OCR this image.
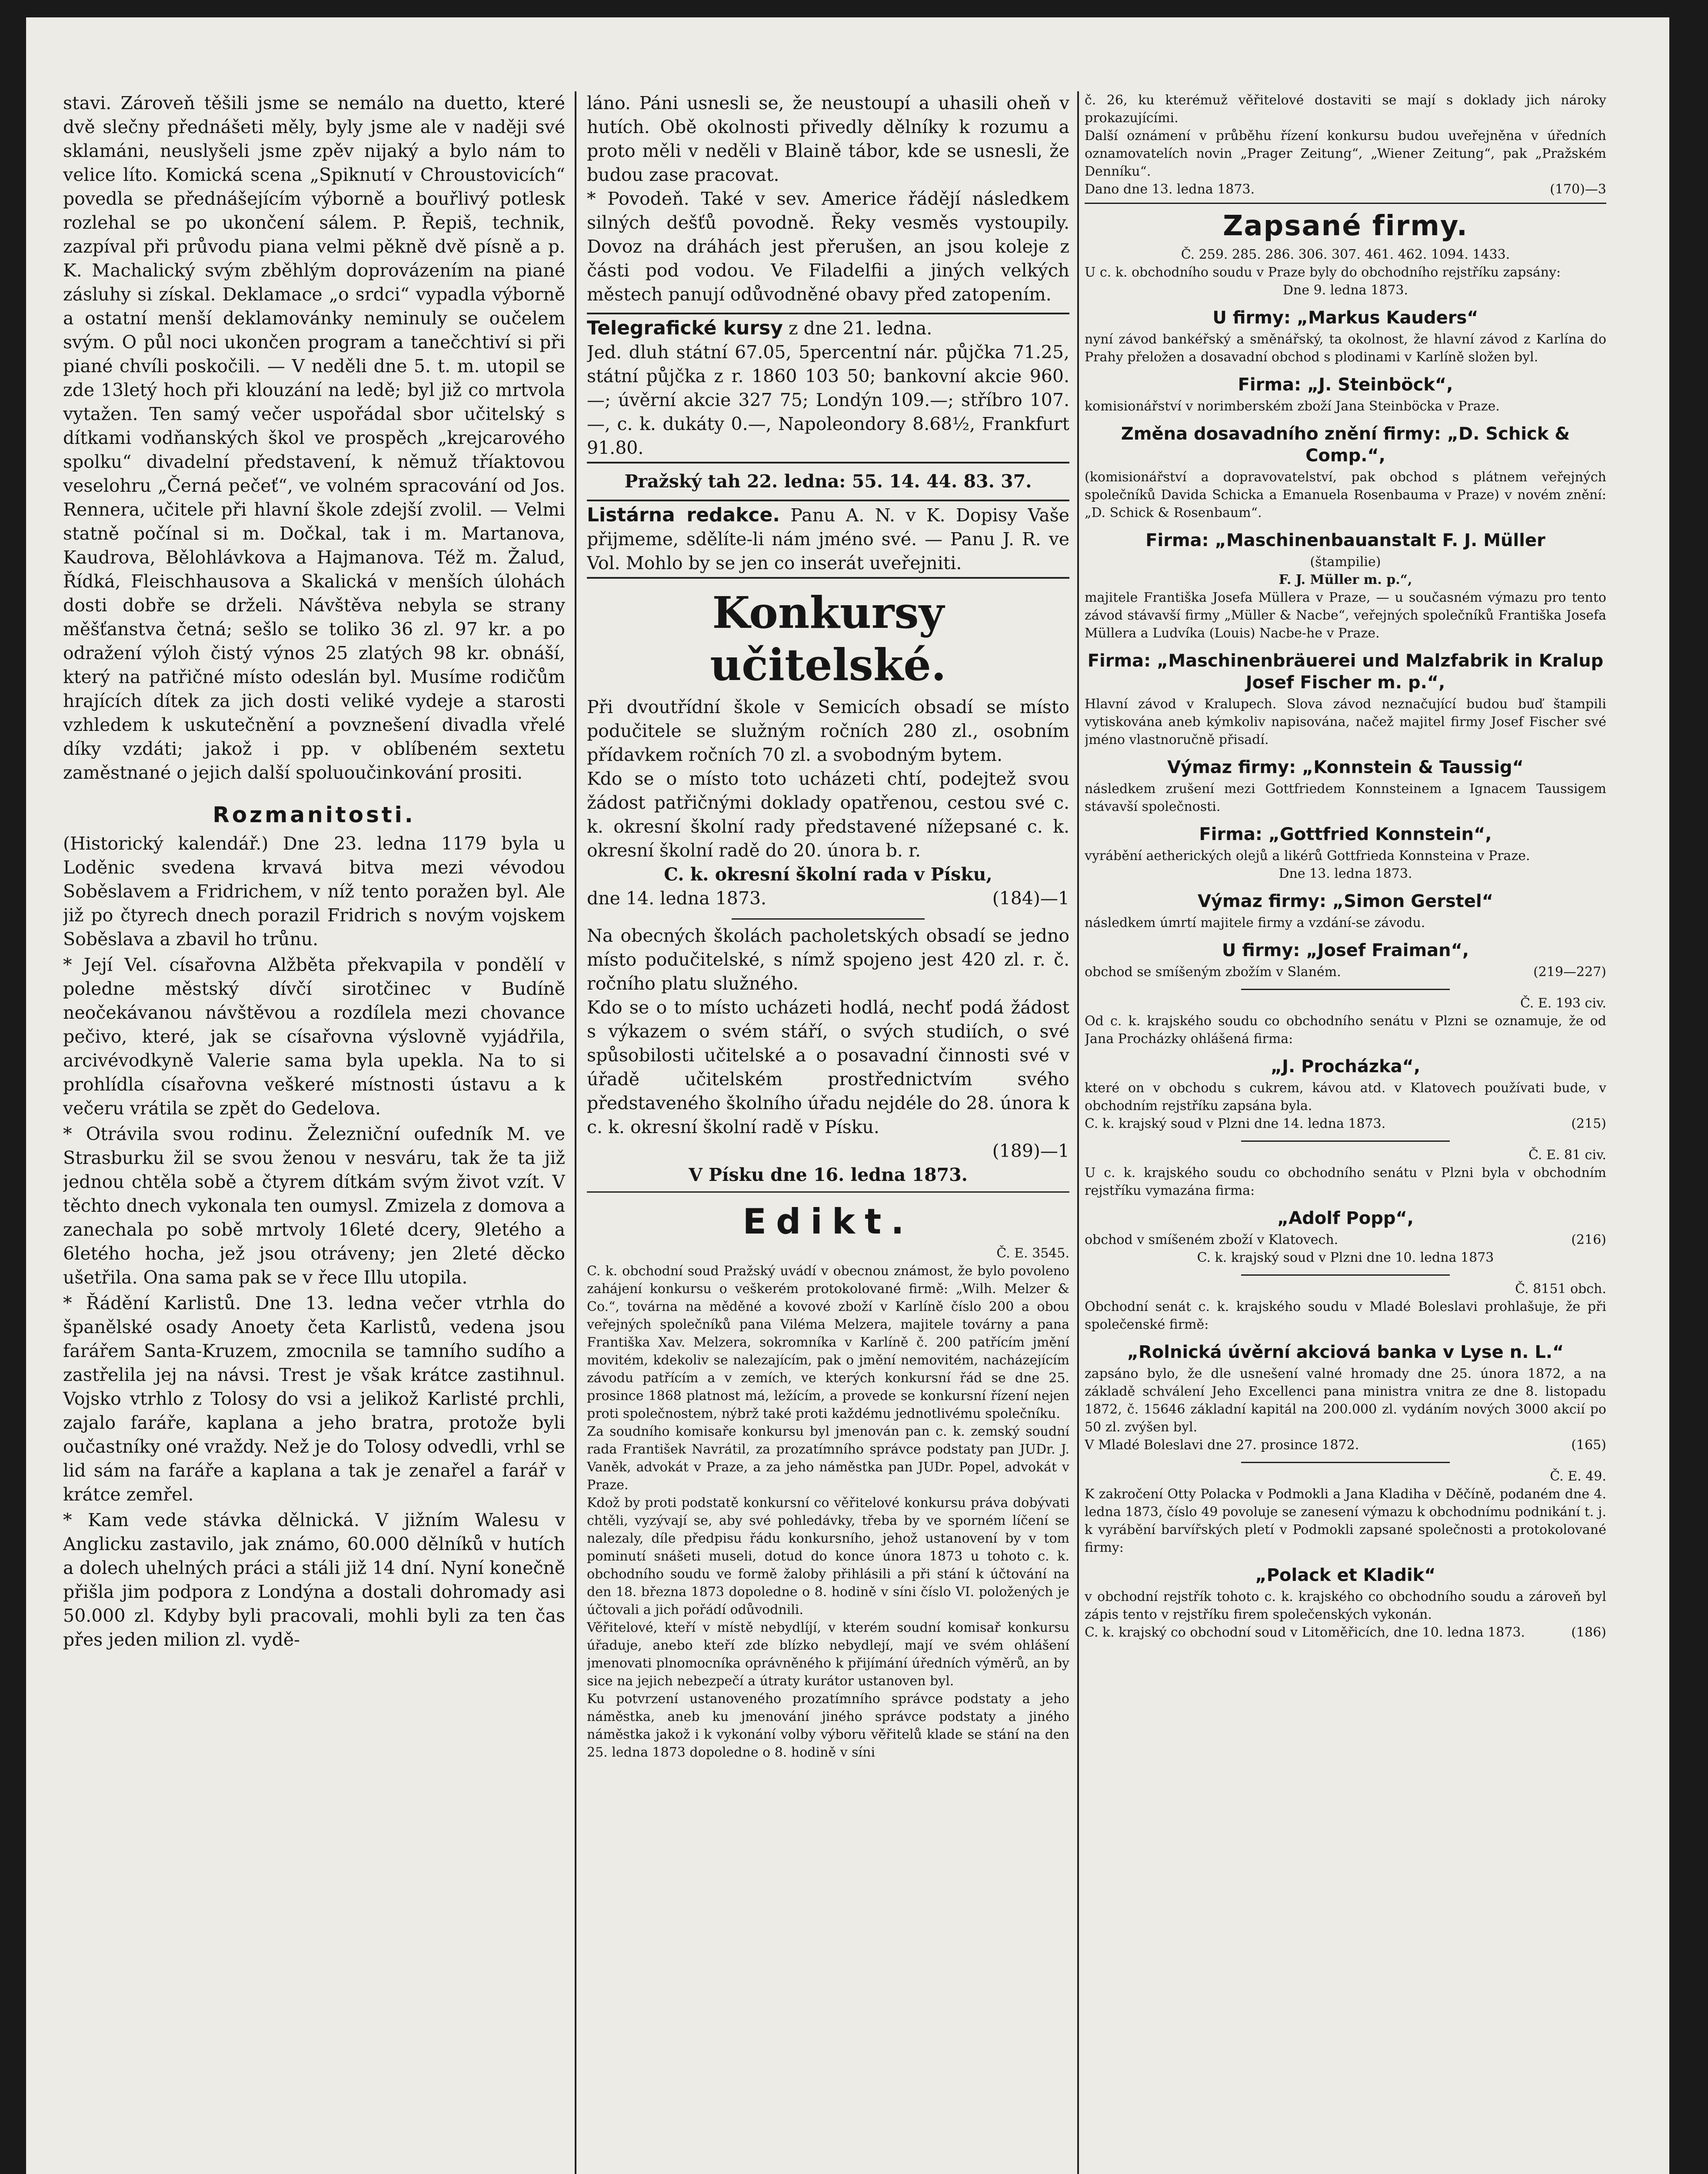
stavi. Zároveň těšili jsme se nemálo na duetto, které dvě slečny přednášeti měly, byly jsme ale v naději své sklamáni, neuslyšeli jsme zpěv nijaký a bylo nám to velice líto. Komická scena „Spiknutí v Chroustovicích“ povedla se přednášejícím výborně a bouřlivý potlesk rozlehal se po ukončení sálem. P. Řepiš, technik, zazpíval při průvodu piana velmi pěkně dvě písně a p. K. Machalický svým zběhlým doprovázením na piané zásluhy si získal. Deklamace „o srdci“ vypadla výborně a ostatní menší deklamovánky neminuly se oučelem svým. O půl noci ukončen program a tanečchtiví si při piané chvíli poskočili. — V neděli dne 5. t. m. utopil se zde 13letý hoch při klouzání na ledě; byl již co mrtvola vytažen. Ten samý večer uspořádal sbor učitelský s dítkami vodňanských škol ve prospěch „krejcarového spolku“ divadelní představení, k němuž tříaktovou veselohru „Černá pečeť“, ve volném spracování od Jos. Rennera, učitele při hlavní škole zdejší zvolil. — Velmi statně počínal si m. Dočkal, tak i m. Martanova, Kaudrova, Bělohlávkova a Hajmanova. Též m. Žalud, Řídká, Fleischhausova a Skalická v menších úlohách dosti dobře se drželi. Návštěva nebyla se strany měšťanstva četná; sešlo se toliko 36 zl. 97 kr. a po odražení výloh čistý výnos 25 zlatých 98 kr. obnáší, který na patřičné místo odeslán byl. Musíme rodičům hrajících dítek za jich dosti veliké vydeje a starosti vzhledem k uskutečnění a povznešení divadla vřelé díky vzdáti; jakož i pp. v oblíbeném sextetu zaměstnané o jejich další spoluoučinkování prositi.

Rozmanitosti.

(Historický kalendář.) Dne 23. ledna 1179 byla u Loděnic svedena krvavá bitva mezi vévodou Soběslavem a Fridrichem, v níž tento poražen byl. Ale již po čtyrech dnech porazil Fridrich s novým vojskem Soběslava a zbavil ho trůnu.

* Její Vel. císařovna Alžběta překvapila v pondělí v poledne městský dívčí sirotčinec v Budíně neočekávanou návštěvou a rozdílela mezi chovance pečivo, které, jak se císařovna výslovně vyjádřila, arcivévodkyně Valerie sama byla upekla. Na to si prohlídla císařovna veškeré místnosti ústavu a k večeru vrátila se zpět do Gedelova.

* Otrávila svou rodinu. Železniční oufedník M. ve Strasburku žil se svou ženou v nesváru, tak že ta již jednou chtěla sobě a čtyrem dítkám svým život vzít. V těchto dnech vykonala ten oumysl. Zmizela z domova a zanechala po sobě mrtvoly 16leté dcery, 9letého a 6letého hocha, jež jsou otráveny; jen 2leté děcko ušetřila. Ona sama pak se v řece Illu utopila.

* Řádění Karlistů. Dne 13. ledna večer vtrhla do španělské osady Anoety četa Karlistů, vedena jsou farářem Santa-Kruzem, zmocnila se tamního sudího a zastřelila jej na návsi. Trest je však krátce zastihnul. Vojsko vtrhlo z Tolosy do vsi a jelikož Karlisté prchli, zajalo faráře, kaplana a jeho bratra, protože byli oučastníky oné vraždy. Než je do Tolosy odvedli, vrhl se lid sám na faráře a kaplana a tak je zenařel a farář v krátce zemřel.

* Kam vede stávka dělnická. V jižním Walesu v Anglicku zastavilo, jak známo, 60.000 dělníků v hutích a dolech uhelných práci a stáli již 14 dní. Nyní konečně přišla jim podpora z Londýna a dostali dohromady asi 50.000 zl. Kdyby byli pracovali, mohli byli za ten čas přes jeden milion zl. vydě-

láno. Páni usnesli se, že neustoupí a uhasili oheň v hutích. Obě okolnosti přivedly dělníky k rozumu a proto měli v neděli v Blaině tábor, kde se usnesli, že budou zase pracovat.

* Povodeň. Také v sev. Americe řádějí následkem silných dešťů povodně. Řeky vesměs vystoupily. Dovoz na dráhách jest přerušen, an jsou koleje z části pod vodou. Ve Filadelfii a jiných velkých městech panují odůvodněné obavy před zatopením.

Telegrafické kursy z dne 21. ledna.

Jed. dluh státní 67.05, 5percentní nár. půjčka 71.25, státní půjčka z r. 1860 103 50; bankovní akcie 960.—; úvěrní akcie 327 75; Londýn 109.—; stříbro 107.—, c. k. dukáty 0.—, Napoleondory 8.68½, Frankfurt 91.80.

Pražský tah 22. ledna: 55. 14. 44. 83. 37.

Listárna redakce. Panu A. N. v K. Dopisy Vaše přijmeme, sdělíte-li nám jméno své. — Panu J. R. ve Vol. Mohlo by se jen co inserát uveřejniti.

Konkursy učitelské.

Při dvoutřídní škole v Semicích obsadí se místo podučitele se služným ročních 280 zl., osobním přídavkem ročních 70 zl. a svobodným bytem.

Kdo se o místo toto ucházeti chtí, podejtež svou žádost patřičnými doklady opatřenou, cestou své c. k. okresní školní rady představené nížepsané c. k. okresní školní radě do 20. února b. r.

C. k. okresní školní rada v Písku,

dne 14. ledna 1873.	(184)—1

Na obecných školách pacholetských obsadí se jedno místo podučitelské, s nímž spojeno jest 420 zl. r. č. ročního platu služného.

Kdo se o to místo ucházeti hodlá, nechť podá žádost s výkazem o svém stáří, o svých studiích, o své spůsobilosti učitelské a o posavadní činnosti své v úřadě učitelském prostřednictvím svého představeného školního úřadu nejdéle do 28. února k c. k. okresní školní radě v Písku.

(189)—1

V Písku dne 16. ledna 1873.

Edikt.

Č. E. 3545.

C. k. obchodní soud Pražský uvádí v obecnou známost, že bylo povoleno zahájení konkursu o veškerém protokolované firmě: „Wilh. Melzer & Co.“, továrna na měděné a kovové zboží v Karlíně číslo 200 a obou veřejných společníků pana Viléma Melzera, majitele továrny a pana Františka Xav. Melzera, sokromníka v Karlíně č. 200 patřícím jmění movitém, kdekoliv se nalezajícím, pak o jmění nemovitém, nacházejícím závodu patřícím a v zemích, ve kterých konkursní řád se dne 25. prosince 1868 platnost má, ležícím, a provede se konkursní řízení nejen proti společnostem, nýbrž také proti každému jednotlivému společníku.

Za soudního komisaře konkursu byl jmenován pan c. k. zemský soudní rada František Navrátil, za prozatímního správce podstaty pan JUDr. J. Vaněk, advokát v Praze, a za jeho náměstka pan JUDr. Popel, advokát v Praze.

Kdož by proti podstatě konkursní co věřitelové konkursu práva dobývati chtěli, vyzývají se, aby své pohledávky, třeba by ve sporném líčení se nalezaly, díle předpisu řádu konkursního, jehož ustanovení by v tom pominutí snášeti museli, dotud do konce února 1873 u tohoto c. k. obchodního soudu ve formě žaloby přihlásili a při stání k účtování na den 18. března 1873 dopoledne o 8. hodině v síni číslo VI. položených je účtovali a jich pořádí odůvodnili.

Věřitelové, kteří v místě nebydlíjí, v kterém soudní komisař konkursu úřaduje, anebo kteří zde blízko nebydlejí, mají ve svém ohlášení jmenovati plnomocníka oprávněného k přijímání úředních výměrů, an by sice na jejich nebezpečí a útraty kurátor ustanoven byl.

Ku potvrzení ustanoveného prozatímního správce podstaty a jeho náměstka, aneb ku jmenování jiného správce podstaty a jiného náměstka jakož i k vykonání volby výboru věřitelů klade se stání na den 25. ledna 1873 dopoledne o 8. hodině v síni

č. 26, ku kterémuž věřitelové dostaviti se mají s doklady jich nároky prokazujícími.

Další oznámení v průběhu řízení konkursu budou uveřejněna v úředních oznamovatelích novin „Prager Zeitung“, „Wiener Zeitung“, pak „Pražském Denníku“.

Dano dne 13. ledna 1873.	(170)—3

Zapsané firmy.

Č. 259. 285. 286. 306. 307. 461. 462. 1094. 1433.

U c. k. obchodního soudu v Praze byly do obchodního rejstříku zapsány:

Dne 9. ledna 1873.

U firmy: „Markus Kauders“

nyní závod bankéřský a směnářský, ta okolnost, že hlavní závod z Karlína do Prahy přeložen a dosavadní obchod s plodinami v Karlíně složen byl.

Firma: „J. Steinböck“,

komisionářství v norimberském zboží Jana Steinböcka v Praze.

Změna dosavadního znění firmy: „D. Schick & Comp.“,

(komisionářství a dopravovatelství, pak obchod s plátnem veřejných společníků Davida Schicka a Emanuela Rosenbauma v Praze) v novém znění: „D. Schick & Rosenbaum“.

Firma: „Maschinenbauanstalt F. J. Müller

(štampilie)

F. J. Müller m. p.“,

majitele Františka Josefa Müllera v Praze, — u současném výmazu pro tento závod stávavší firmy „Müller & Nacbe“, veřejných společníků Františka Josefa Müllera a Ludvíka (Louis) Nacbe-he v Praze.

Firma: „Maschinenbräuerei und Malzfabrik in Kralup Josef Fischer m. p.“,

Hlavní závod v Kralupech. Slova závod neznačující budou buď štampili vytiskována aneb kýmkoliv napisována, načež majitel firmy Josef Fischer své jméno vlastnoručně přisadí.

Výmaz firmy: „Konnstein & Taussig“

následkem zrušení mezi Gottfriedem Konnsteinem a Ignacem Taussigem stávavší společnosti.

Firma: „Gottfried Konnstein“,

vyrábění aetherických olejů a likérů Gottfrieda Konnsteina v Praze.

Dne 13. ledna 1873.

Výmaz firmy: „Simon Gerstel“

následkem úmrtí majitele firmy a vzdání-se závodu.

U firmy: „Josef Fraiman“,

obchod se smíšeným zbožím v Slaném.	(219—227)

Č. E. 193 civ.

Od c. k. krajského soudu co obchodního senátu v Plzni se oznamuje, že od Jana Procházky ohlášená firma:

„J. Procházka“,

které on v obchodu s cukrem, kávou atd. v Klatovech používati bude, v obchodním rejstříku zapsána byla.

C. k. krajský soud v Plzni dne 14. ledna 1873.	(215)

Č. E. 81 civ.

U c. k. krajského soudu co obchodního senátu v Plzni byla v obchodním rejstříku vymazána firma:

„Adolf Popp“,

obchod v smíšeném zboží v Klatovech.	(216)

C. k. krajský soud v Plzni dne 10. ledna 1873

Č. 8151 obch.

Obchodní senát c. k. krajského soudu v Mladé Boleslavi prohlašuje, že při společenské firmě:

„Rolnická úvěrní akciová banka v Lyse n. L.“

zapsáno bylo, že dle usnešení valné hromady dne 25. února 1872, a na základě schválení Jeho Excellenci pana ministra vnitra ze dne 8. listopadu 1872, č. 15646 základní kapitál na 200.000 zl. vydáním nových 3000 akcií po 50 zl. zvýšen byl.

V Mladé Boleslavi dne 27. prosince 1872.	(165)

Č. E. 49.

K zakročení Otty Polacka v Podmokli a Jana Kladiha v Děčíně, podaném dne 4. ledna 1873, číslo 49 povoluje se zanesení výmazu k obchodnímu podnikání t. j. k vyrábění barvířských pletí v Podmokli zapsané společnosti a protokolované firmy:

„Polack et Kladik“

v obchodní rejstřík tohoto c. k. krajského co obchodního soudu a zároveň byl zápis tento v rejstříku firem společenských vykonán.

C. k. krajský co obchodní soud v Litoměřicích, dne 10. ledna 1873.	(186)
